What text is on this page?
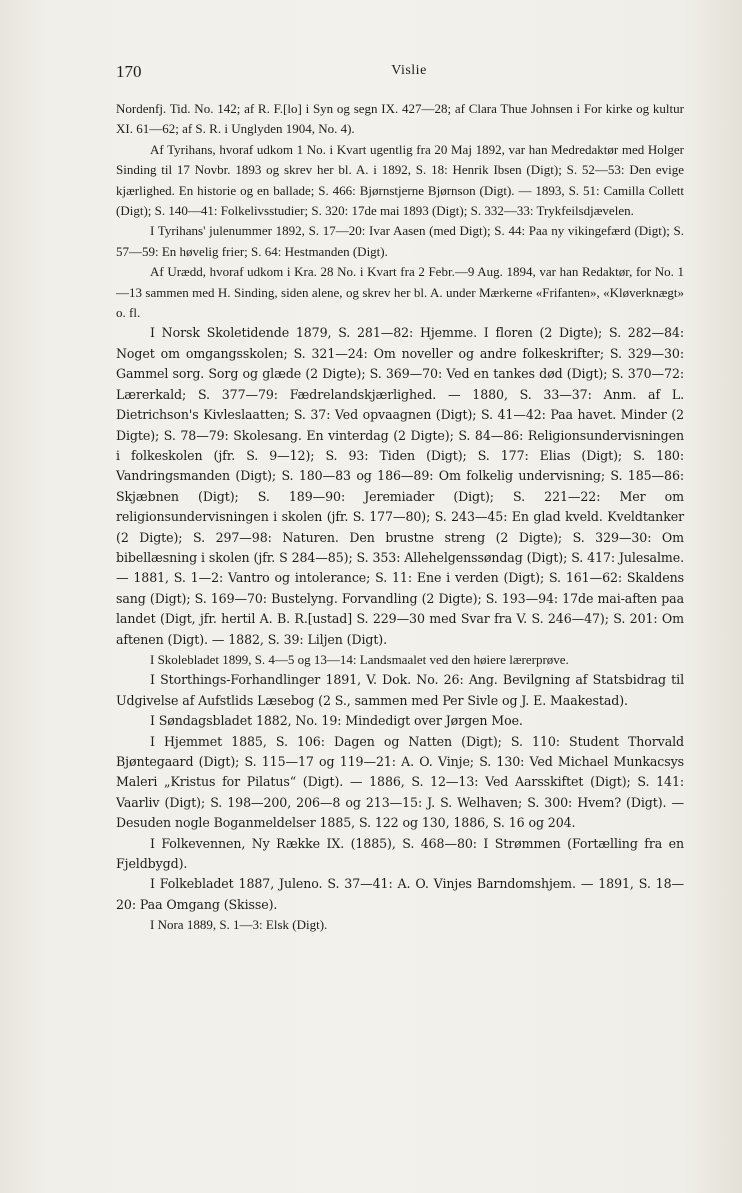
170	Vislie

Nordenfj. Tid. No. 142; af R. F.[lo] i Syn og segn IX. 427—28; af Clara Thue Johnsen i For kirke og kultur XI. 61—62; af S. R. i Unglyden 1904, No. 4).

Af Tyrihans, hvoraf udkom 1 No. i Kvart ugentlig fra 20 Maj 1892, var han Medredaktør med Holger Sinding til 17 Novbr. 1893 og skrev her bl. A. i 1892, S. 18: Henrik Ibsen (Digt); S. 52—53: Den evige kjærlighed. En historie og en ballade; S. 466: Bjørnstjerne Bjørnson (Digt). — 1893, S. 51: Camilla Collett (Digt); S. 140—41: Folkelivsstudier; S. 320: 17de mai 1893 (Digt); S. 332—33: Trykfeilsdjævelen.

I Tyrihans' julenummer 1892, S. 17—20: Ivar Aasen (med Digt); S. 44: Paa ny vikingefærd (Digt); S. 57—59: En høvelig frier; S. 64: Hestmanden (Digt).

Af Urædd, hvoraf udkom i Kra. 28 No. i Kvart fra 2 Febr.—9 Aug. 1894, var han Redaktør, for No. 1—13 sammen med H. Sinding, siden alene, og skrev her bl. A. under Mærkerne «Frifanten», «Kløverknægt» o. fl.

I Norsk Skoletidende 1879, S. 281—82: Hjemme. I floren (2 Digte); S. 282—84: Noget om omgangsskolen; S. 321—24: Om noveller og andre folkeskrifter; S. 329—30: Gammel sorg. Sorg og glæde (2 Digte); S. 369—70: Ved en tankes død (Digt); S. 370—72: Lærerkald; S. 377—79: Fædrelandskjærlighed. — 1880, S. 33—37: Anm. af L. Dietrichson's Kivleslaatten; S. 37: Ved opvaagnen (Digt); S. 41—42: Paa havet. Minder (2 Digte); S. 78—79: Skolesang. En vinterdag (2 Digte); S. 84—86: Religionsundervisningen i folkeskolen (jfr. S. 9—12); S. 93: Tiden (Digt); S. 177: Elias (Digt); S. 180: Vandringsmanden (Digt); S. 180—83 og 186—89: Om folkelig undervisning; S. 185—86: Skjæbnen (Digt); S. 189—90: Jeremiader (Digt); S. 221—22: Mer om religionsundervisningen i skolen (jfr. S. 177—80); S. 243—45: En glad kveld. Kveldtanker (2 Digte); S. 297—98: Naturen. Den brustne streng (2 Digte); S. 329—30: Om bibellæsning i skolen (jfr. S 284—85); S. 353: Allehelgenssøndag (Digt); S. 417: Julesalme. — 1881, S. 1—2: Vantro og intolerance; S. 11: Ene i verden (Digt); S. 161—62: Skaldens sang (Digt); S. 169—70: Bustelyng. Forvandling (2 Digte); S. 193—94: 17de mai-aften paa landet (Digt, jfr. hertil A. B. R.[ustad] S. 229—30 med Svar fra V. S. 246—47); S. 201: Om aftenen (Digt). — 1882, S. 39: Liljen (Digt).

I Skolebladet 1899, S. 4—5 og 13—14: Landsmaalet ved den høiere lærerprøve.

I Storthings-Forhandlinger 1891, V. Dok. No. 26: Ang. Bevilgning af Statsbidrag til Udgivelse af Aufstlids Læsebog (2 S., sammen med Per Sivle og J. E. Maakestad).

I Søndagsbladet 1882, No. 19: Mindedigt over Jørgen Moe.

I Hjemmet 1885, S. 106: Dagen og Natten (Digt); S. 110: Student Thorvald Bjøntegaard (Digt); S. 115—17 og 119—21: A. O. Vinje; S. 130: Ved Michael Munkacsys Maleri „Kristus for Pilatus“ (Digt). — 1886, S. 12—13: Ved Aarsskiftet (Digt); S. 141: Vaarliv (Digt); S. 198—200, 206—8 og 213—15: J. S. Welhaven; S. 300: Hvem? (Digt). — Desuden nogle Boganmeldelser 1885, S. 122 og 130, 1886, S. 16 og 204.

I Folkevennen, Ny Række IX. (1885), S. 468—80: I Strømmen (Fortælling fra en Fjeldbygd).

I Folkebladet 1887, Juleno. S. 37—41: A. O. Vinjes Barndomshjem. — 1891, S. 18—20: Paa Omgang (Skisse).

I Nora 1889, S. 1—3: Elsk (Digt).
